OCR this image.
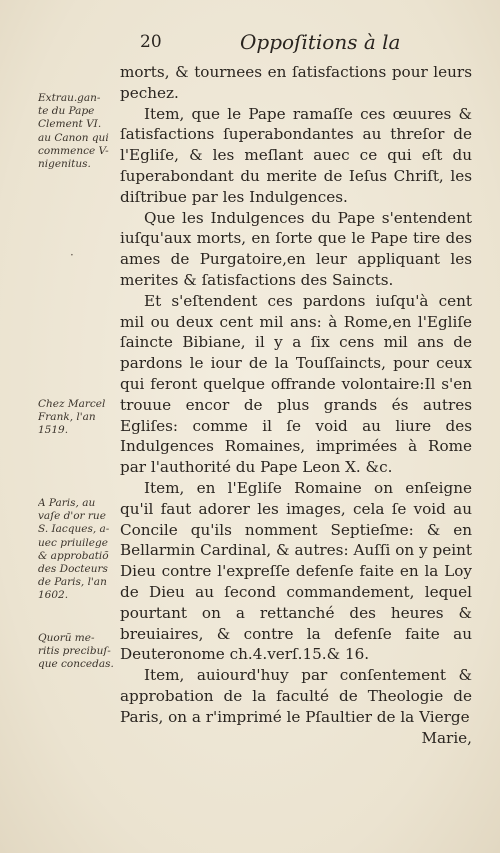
20	Oppoſitions à la
Extrau.gan-
te du Pape
Clement VI.
au Canon qui
commence V-
nigenitus.
·
Chez Marcel
Frank, l'an
1519.
A Paris, au
vaſe d'or rue
S. Iacques, a-
uec priuilege
& approbatiõ
des Docteurs
de Paris, l'an
1602.
Quorũ me-
ritis precibuſ-
que concedas.

morts, & tournees en ſatisfactions pour leurs pechez.

Item, que le Pape ramaſſe ces œuures & ſatisfactions ſuperabondantes au threſor de l'Egliſe, & les meſlant auec ce qui eſt du ſuperabondant du merite de Ieſus Chriſt, les diſtribue par les Indulgences.

Que les Indulgences du Pape s'entendent iuſqu'aux morts, en ſorte que le Pape tire des ames de Purgatoire,en leur appliquant les merites & ſatisfactions des Saincts.

Et s'eſtendent ces pardons iuſqu'à cent mil ou deux cent mil ans: à Rome,en l'Egliſe ſaincte Bibiane, il y a ſix cens mil ans de pardons le iour de la Touſſaincts, pour ceux qui feront quelque offrande volontaire:Il s'en trouue encor de plus grands és autres Egliſes: comme il ſe void au liure des Indulgences Romaines, imprimées à Rome par l'authorité du Pape Leon X. &c.

Item, en l'Egliſe Romaine on enſeigne qu'il faut adorer les images, cela ſe void au Concile qu'ils nomment Septieſme: & en Bellarmin Cardinal, & autres: Auſſi on y peint Dieu contre l'expreſſe defenſe faite en la Loy de Dieu au ſecond commandement, lequel pourtant on a rettanché des heures & breuiaires, & contre la defenſe faite au Deuteronome ch.4.verſ.15.& 16.

Item, auiourd'huy par conſentement & approbation de la faculté de Theologie de Paris, on a r'imprimé le Pſaultier de la Vierge

Marie,
